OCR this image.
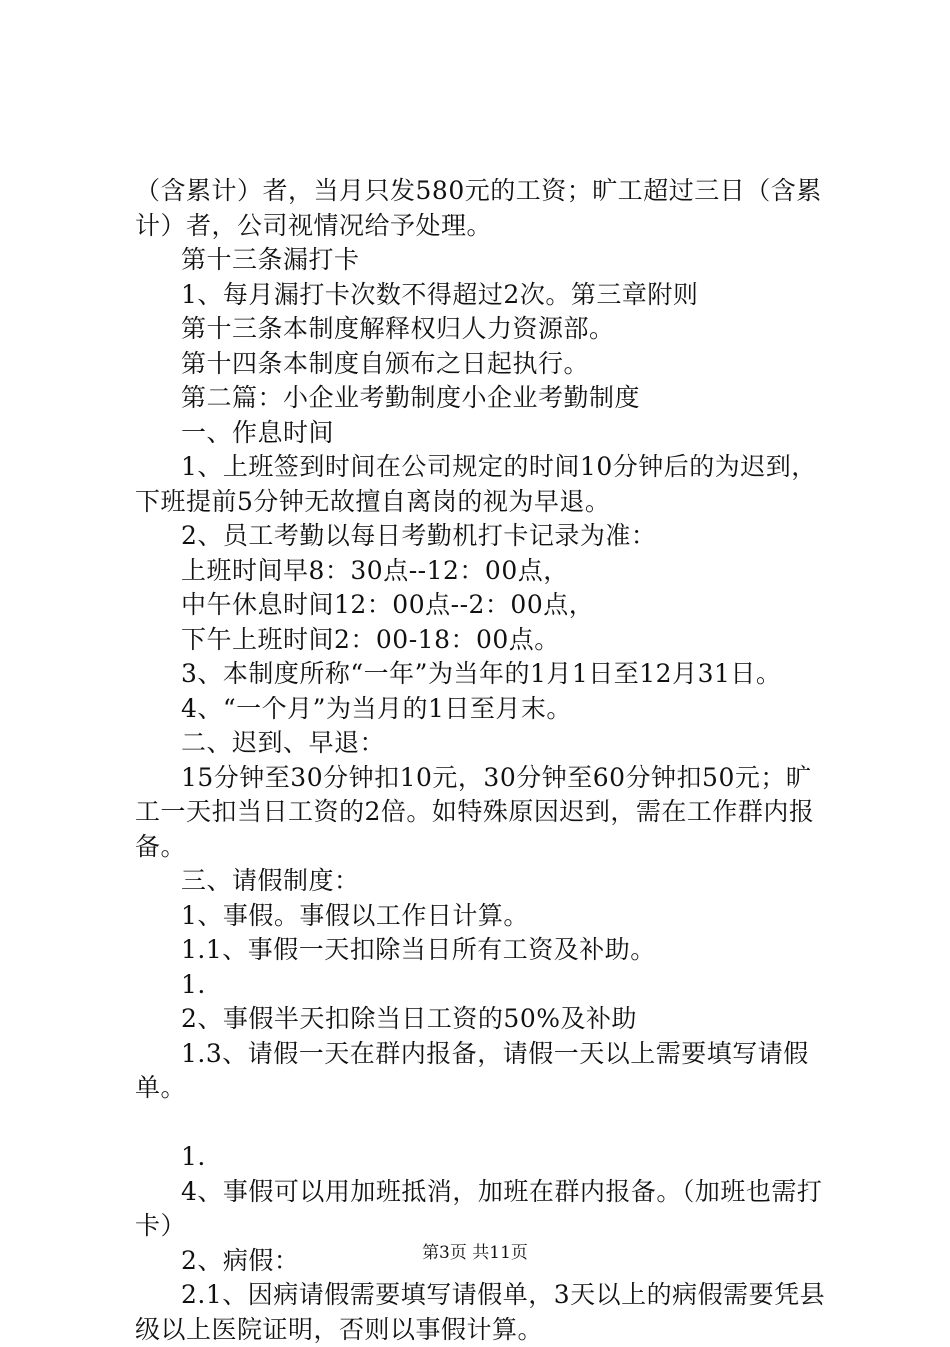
（含累计）者，当月只发580元的工资；旷工超过三日（含累计）者，公司视情况给予处理。

第十三条漏打卡

1、每月漏打卡次数不得超过2次。第三章附则

第十三条本制度解释权归人力资源部。

第十四条本制度自颁布之日起执行。

第二篇：小企业考勤制度小企业考勤制度

一、作息时间

1、上班签到时间在公司规定的时间10分钟后的为迟到，下班提前5分钟无故擅自离岗的视为早退。

2、员工考勤以每日考勤机打卡记录为准：

上班时间早8：30点--12：00点，

中午休息时间12：00点--2：00点，

下午上班时间2：00-18：00点。

3、本制度所称“一年”为当年的1月1日至12月31日。

4、“一个月”为当月的1日至月末。

二、迟到、早退：

15分钟至30分钟扣10元，30分钟至60分钟扣50元；旷工一天扣当日工资的2倍。如特殊原因迟到，需在工作群内报备。

三、请假制度：

1、事假。事假以工作日计算。

1.1、事假一天扣除当日所有工资及补助。

1.

2、事假半天扣除当日工资的50%及补助

1.3、请假一天在群内报备，请假一天以上需要填写请假单。

1.

4、事假可以用加班抵消，加班在群内报备。（加班也需打卡）

2、病假：

2.1、因病请假需要填写请假单，3天以上的病假需要凭县级以上医院证明，否则以事假计算。

第3页 共11页
